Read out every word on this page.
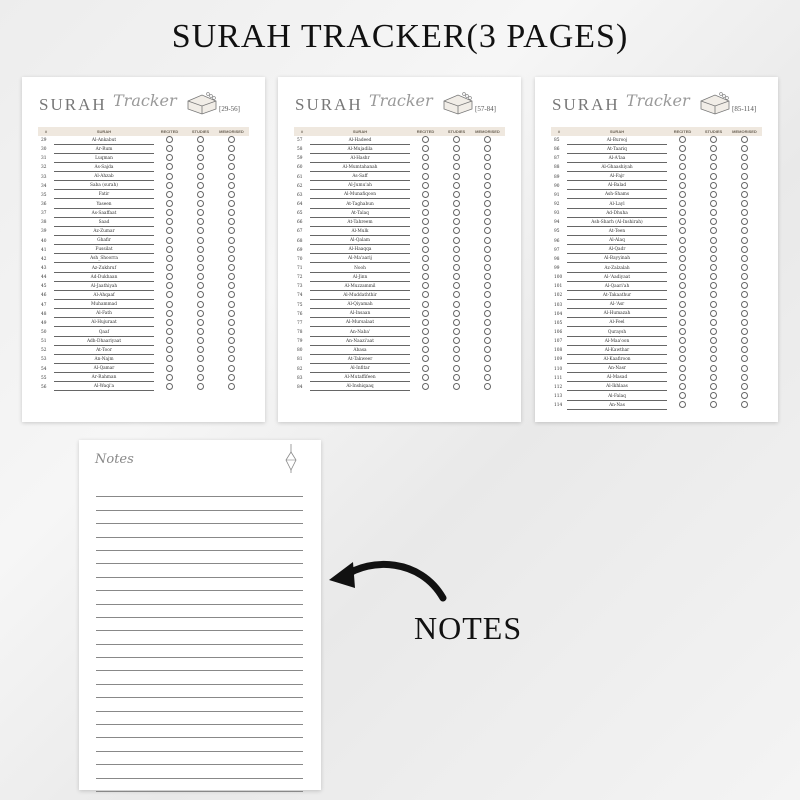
SURAH TRACKER(3 PAGES)
SURAH Tracker	[29-56]
#	SURAH	RECITED	STUDIES	MEMORISED
29	Al-Ankabut
30	Ar-Rum
31	Luqman
32	As-Sajda
33	Al-Ahzab
34	Saba (surah)
35	Fatir
36	Yaseen
37	As-Saaffaat
38	Saad
39	Az-Zumar
40	Ghafir
41	Fussilat
42	Ash_Shoorra
43	Az-Zukhruf
44	Ad-Dukhaan
45	Al-Jaathiyah
46	Al-Ahqaaf
47	Muhammad
48	Al-Fath
49	Al-Hujuraat
50	Qaaf
51	Adh-Dhaariyaat
52	At-Toor
53	An-Najm
54	Al-Qamar
55	Ar-Rahman
56	Al-Waqi'a
SURAH Tracker	[57-84]
#	SURAH	RECITED	STUDIES	MEMORISED
57	Al-Hadeed
58	Al-Mujadila
59	Al-Hashr
60	Al-Mumtahanah
61	As-Saff
62	Al-Jumu'ah
63	Al-Munafiqoon
64	At-Taghabun
65	At-Talaq
66	At-Tahreem
67	Al-Mulk
68	Al-Qalam
69	Al-Haaqqa
70	Al-Ma'aarij
71	Nooh
72	Al-Jinn
73	Al-Muzzammil
74	Al-Muddaththir
75	Al-Qiyamah
76	Al-Insaan
77	Al-Mursalaat
78	An-Naba'
79	An-Naazi'aat
80	Abasa
81	At-Takweer
82	Al-Infitar
83	Al-Mutaffifeen
84	Al-Inshiqaaq
SURAH Tracker	[85-114]
#	SURAH	RECITED	STUDIES	MEMORISED
85	Al-Burooj
86	At-Taariq
87	Al-A'laa
88	Al-Ghaashiyah
89	Al-Fajr
90	Al-Balad
91	Ash-Shams
92	Al-Layl
93	Ad-Dhuha
94	Ash-Sharh (Al-Inshirah)
95	At-Teen
96	Al-Alaq
97	Al-Qadr
98	Al-Bayyinah
99	Az-Zalzalah
100	Al-'Aadiyaat
101	Al-Qaari'ah
102	At-Takaathur
103	Al-'Asr
104	Al-Humazah
105	Al-Feel
106	Quraysh
107	Al-Maa'oon
108	Al-Kawthar
109	Al-Kaafiroon
110	An-Nasr
111	Al-Masad
112	Al-Ikhlaas
113	Al-Falaq
114	An-Nas
Notes
NOTES
